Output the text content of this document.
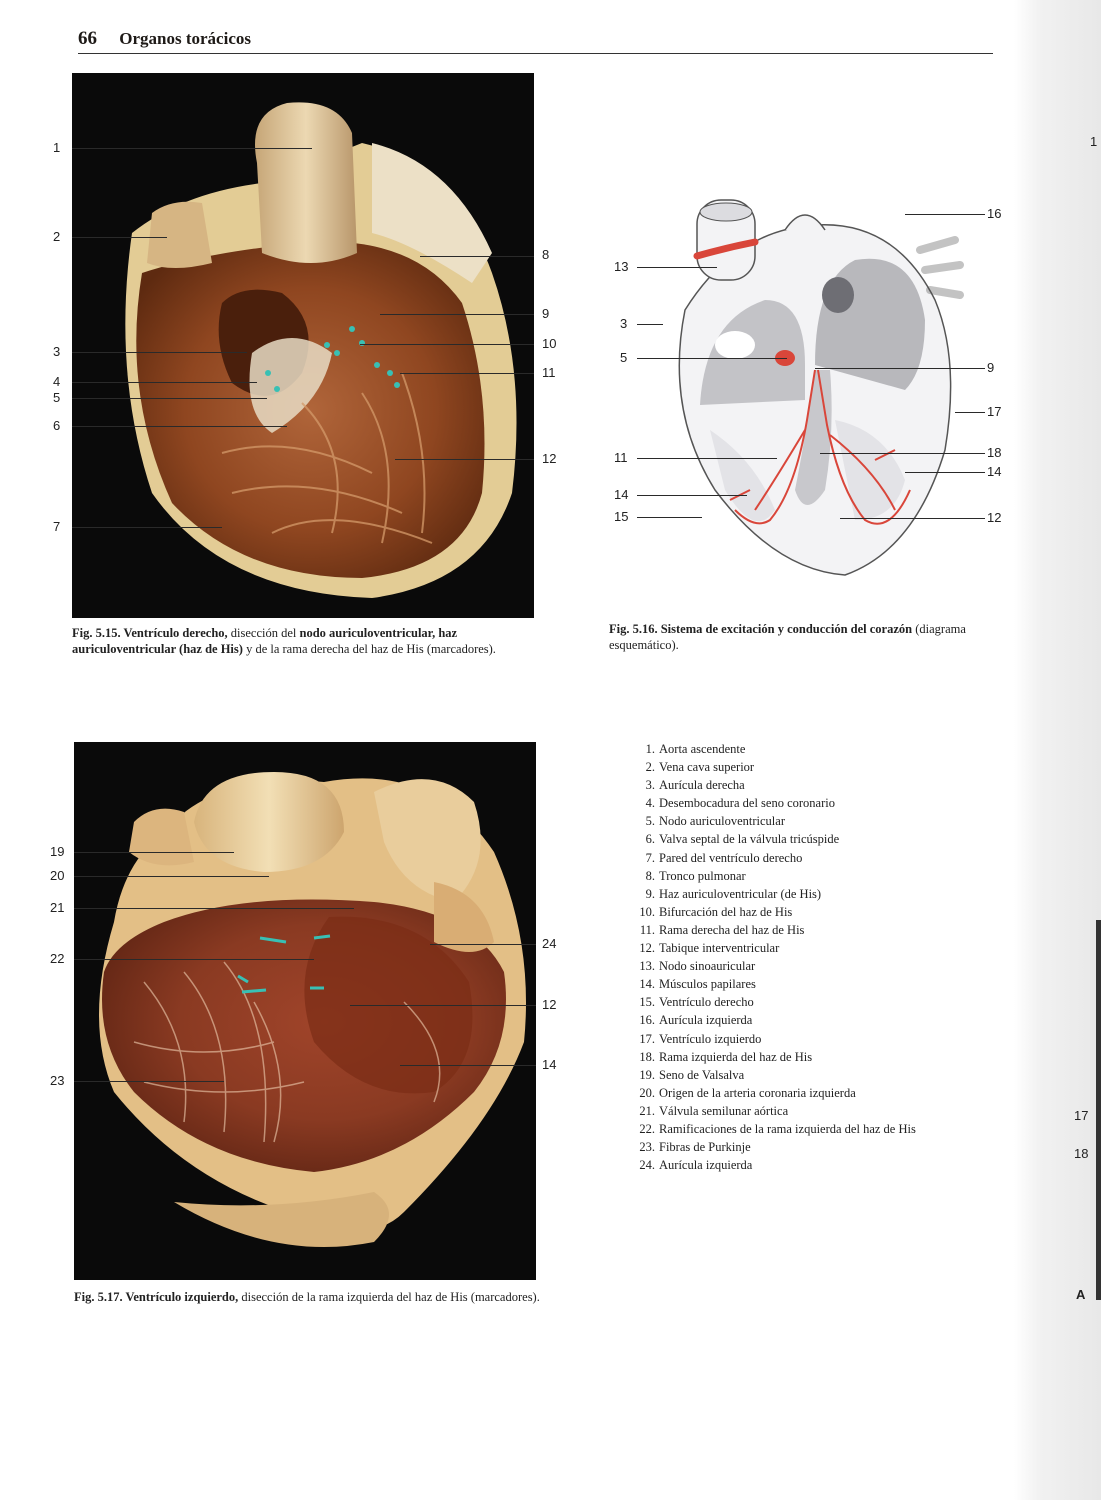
66 Organos torácicos
1
2
3
4
5
6
7
8
9
10
11
12
Fig. 5.15. Ventrículo derecho, disección del nodo auriculoventricular, haz auriculoventricular (haz de His) y de la rama derecha del haz de His (marcadores).
13
3
5
11
14
15
16
9
17
18
14
12
Fig. 5.16. Sistema de excitación y conducción del corazón (diagrama esquemático).
19
20
21
22
23
24
12
14
Fig. 5.17. Ventrículo izquierdo, disección de la rama izquierda del haz de His (marcadores).
1. Aorta ascendente
2. Vena cava superior
3. Aurícula derecha
4. Desembocadura del seno coronario
5. Nodo auriculoventricular
6. Valva septal de la válvula tricúspide
7. Pared del ventrículo derecho
8. Tronco pulmonar
9. Haz auriculoventricular (de His)
10. Bifurcación del haz de His
11. Rama derecha del haz de His
12. Tabique interventricular
13. Nodo sinoauricular
14. Músculos papilares
15. Ventrículo derecho
16. Aurícula izquierda
17. Ventrículo izquierdo
18. Rama izquierda del haz de His
19. Seno de Valsalva
20. Origen de la arteria coronaria izquierda
21. Válvula semilunar aórtica
22. Ramificaciones de la rama izquierda del haz de His
23. Fibras de Purkinje
24. Aurícula izquierda
1
17
18
A
